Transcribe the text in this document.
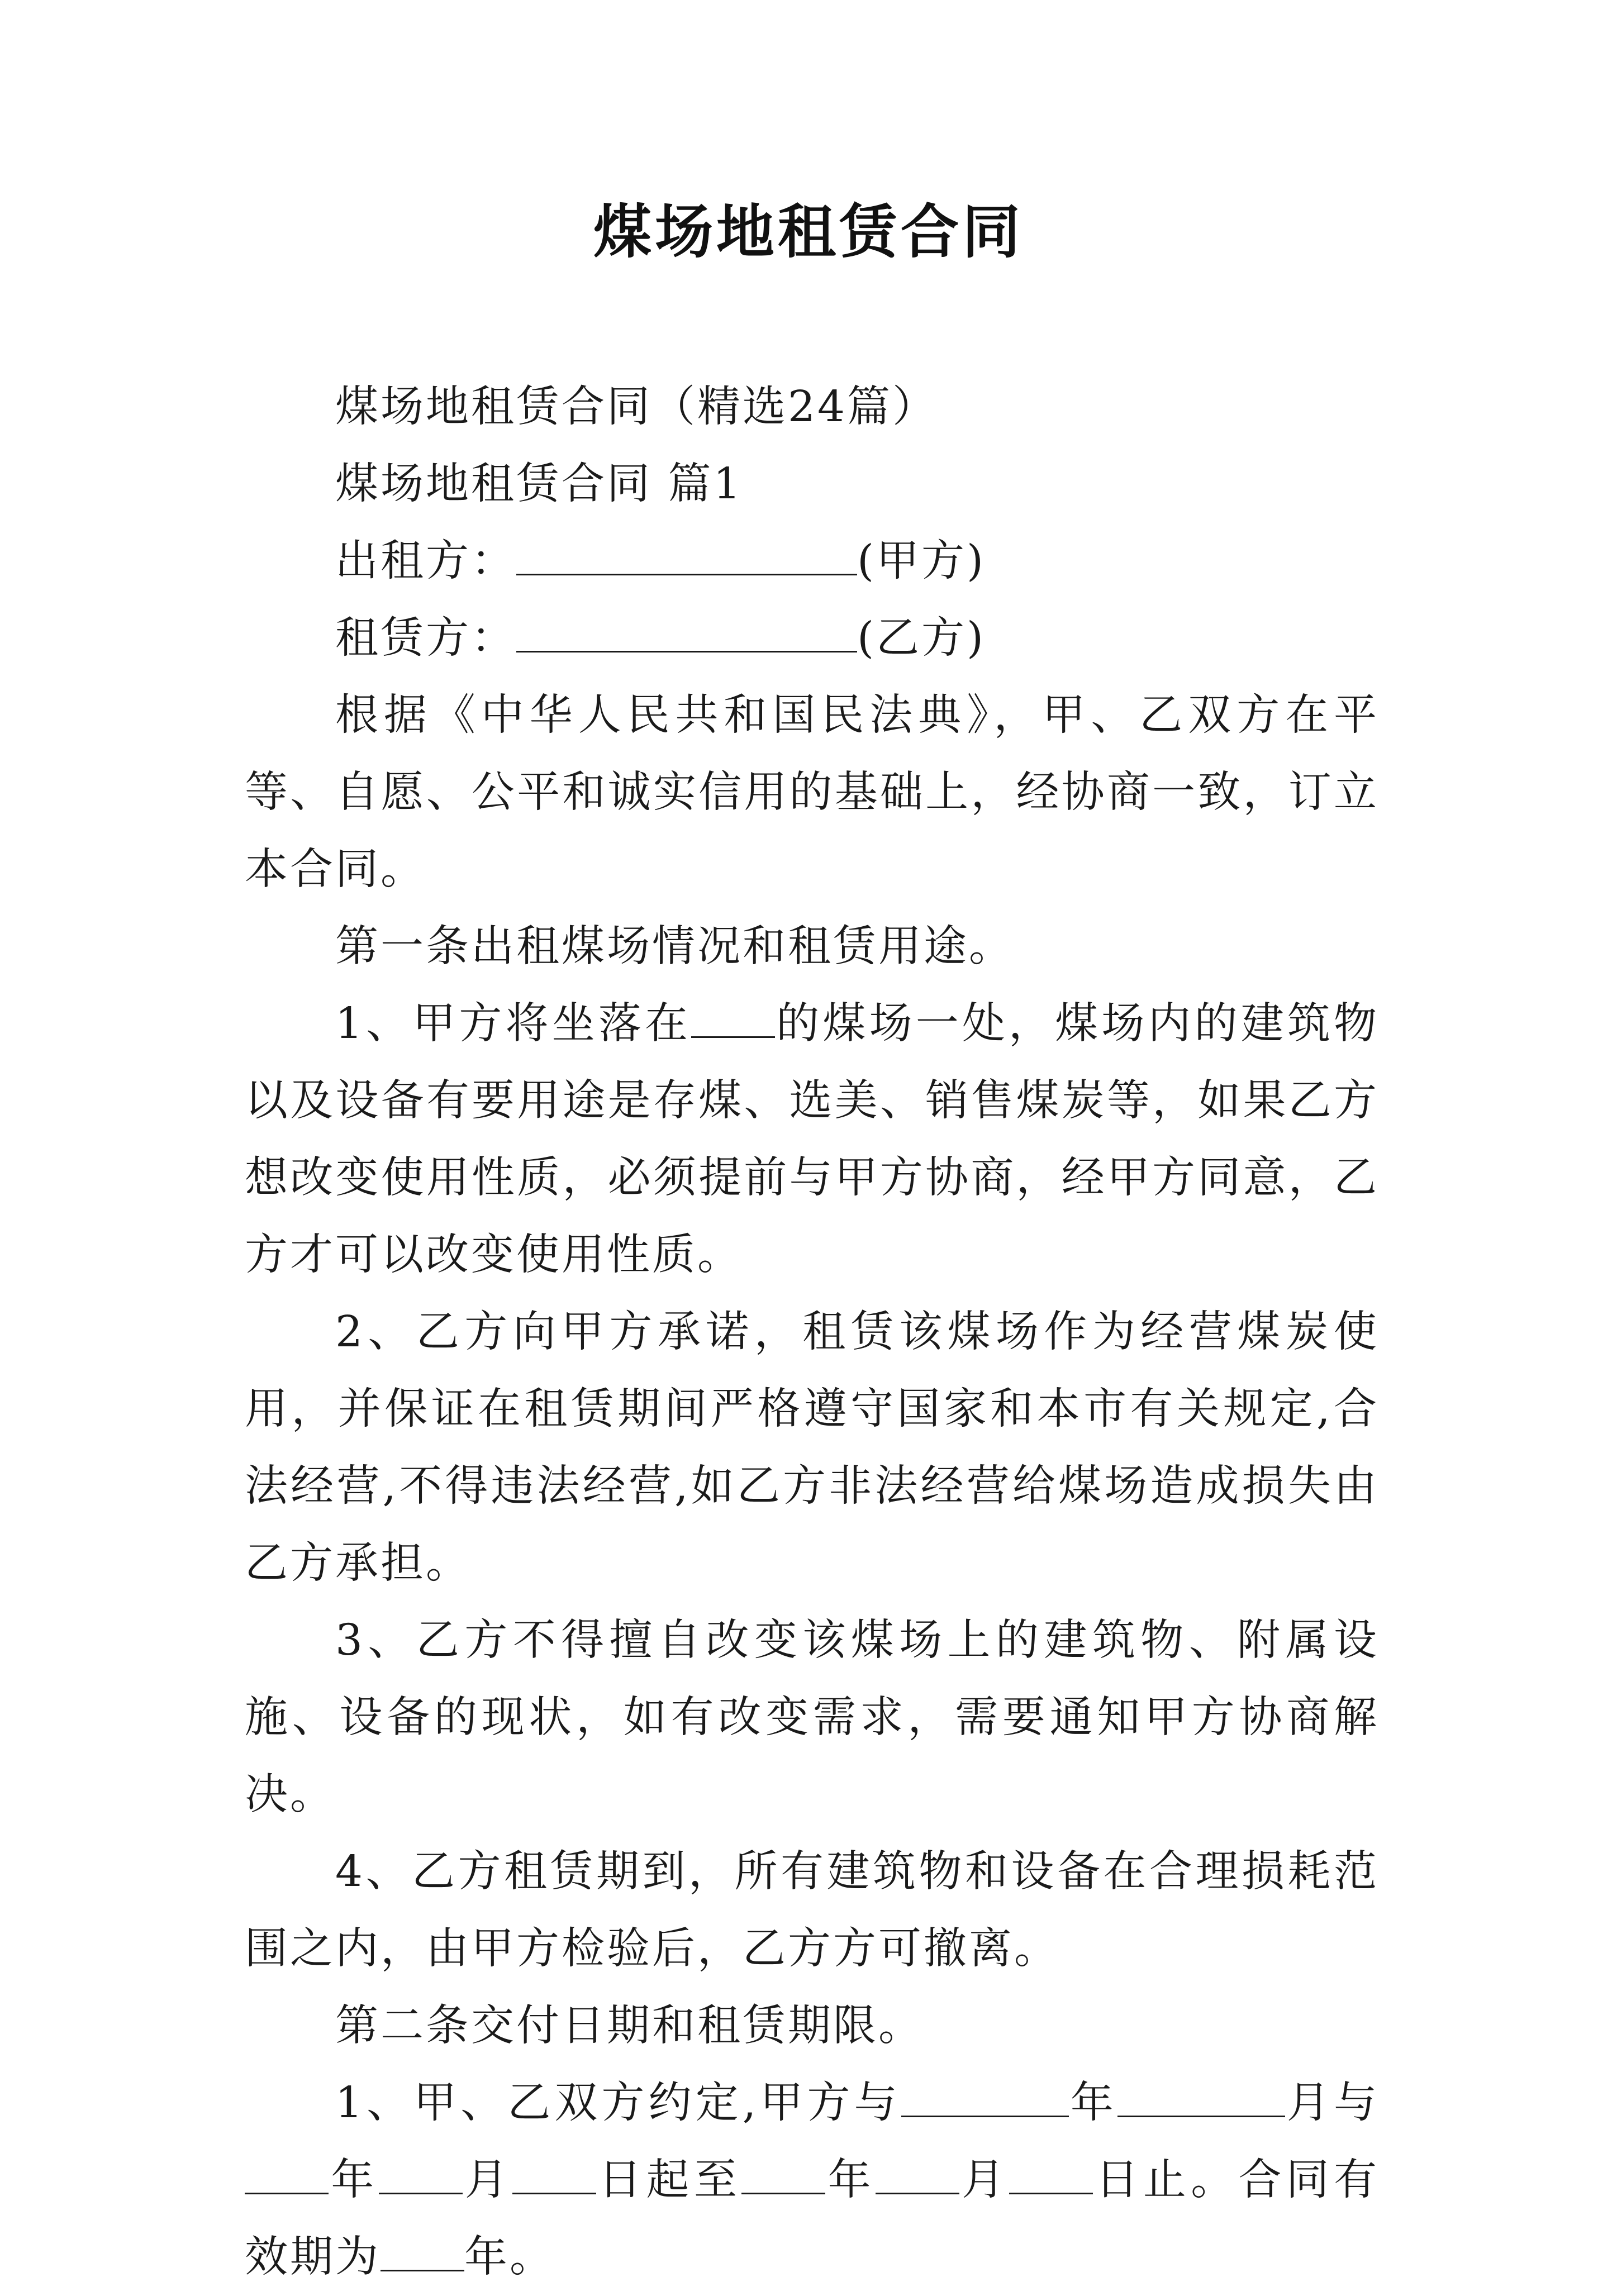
煤场地租赁合同

煤场地租赁合同（精选24篇）

煤场地租赁合同 篇1

出租方：	(甲方)

租赁方：	(乙方)

根据《中华人民共和国民法典》，甲、乙双方在平等、自愿、公平和诚实信用的基础上，经协商一致，订立本合同。

第一条出租煤场情况和租赁用途。

1、甲方将坐落在 的煤场一处，煤场内的建筑物以及设备有要用途是存煤、选美、销售煤炭等，如果乙方想改变使用性质，必须提前与甲方协商，经甲方同意，乙方才可以改变使用性质。

2、乙方向甲方承诺，租赁该煤场作为经营煤炭使用，并保证在租赁期间严格遵守国家和本市有关规定,合法经营,不得违法经营,如乙方非法经营给煤场造成损失由乙方承担。

3、乙方不得擅自改变该煤场上的建筑物、附属设施、设备的现状，如有改变需求，需要通知甲方协商解决。

4、乙方租赁期到，所有建筑物和设备在合理损耗范围之内，由甲方检验后，乙方方可撤离。

第二条交付日期和租赁期限。

1、甲、乙双方约定,甲方与	年	月与年 月 日起至 年 月 日止。合同有效期为 年。
